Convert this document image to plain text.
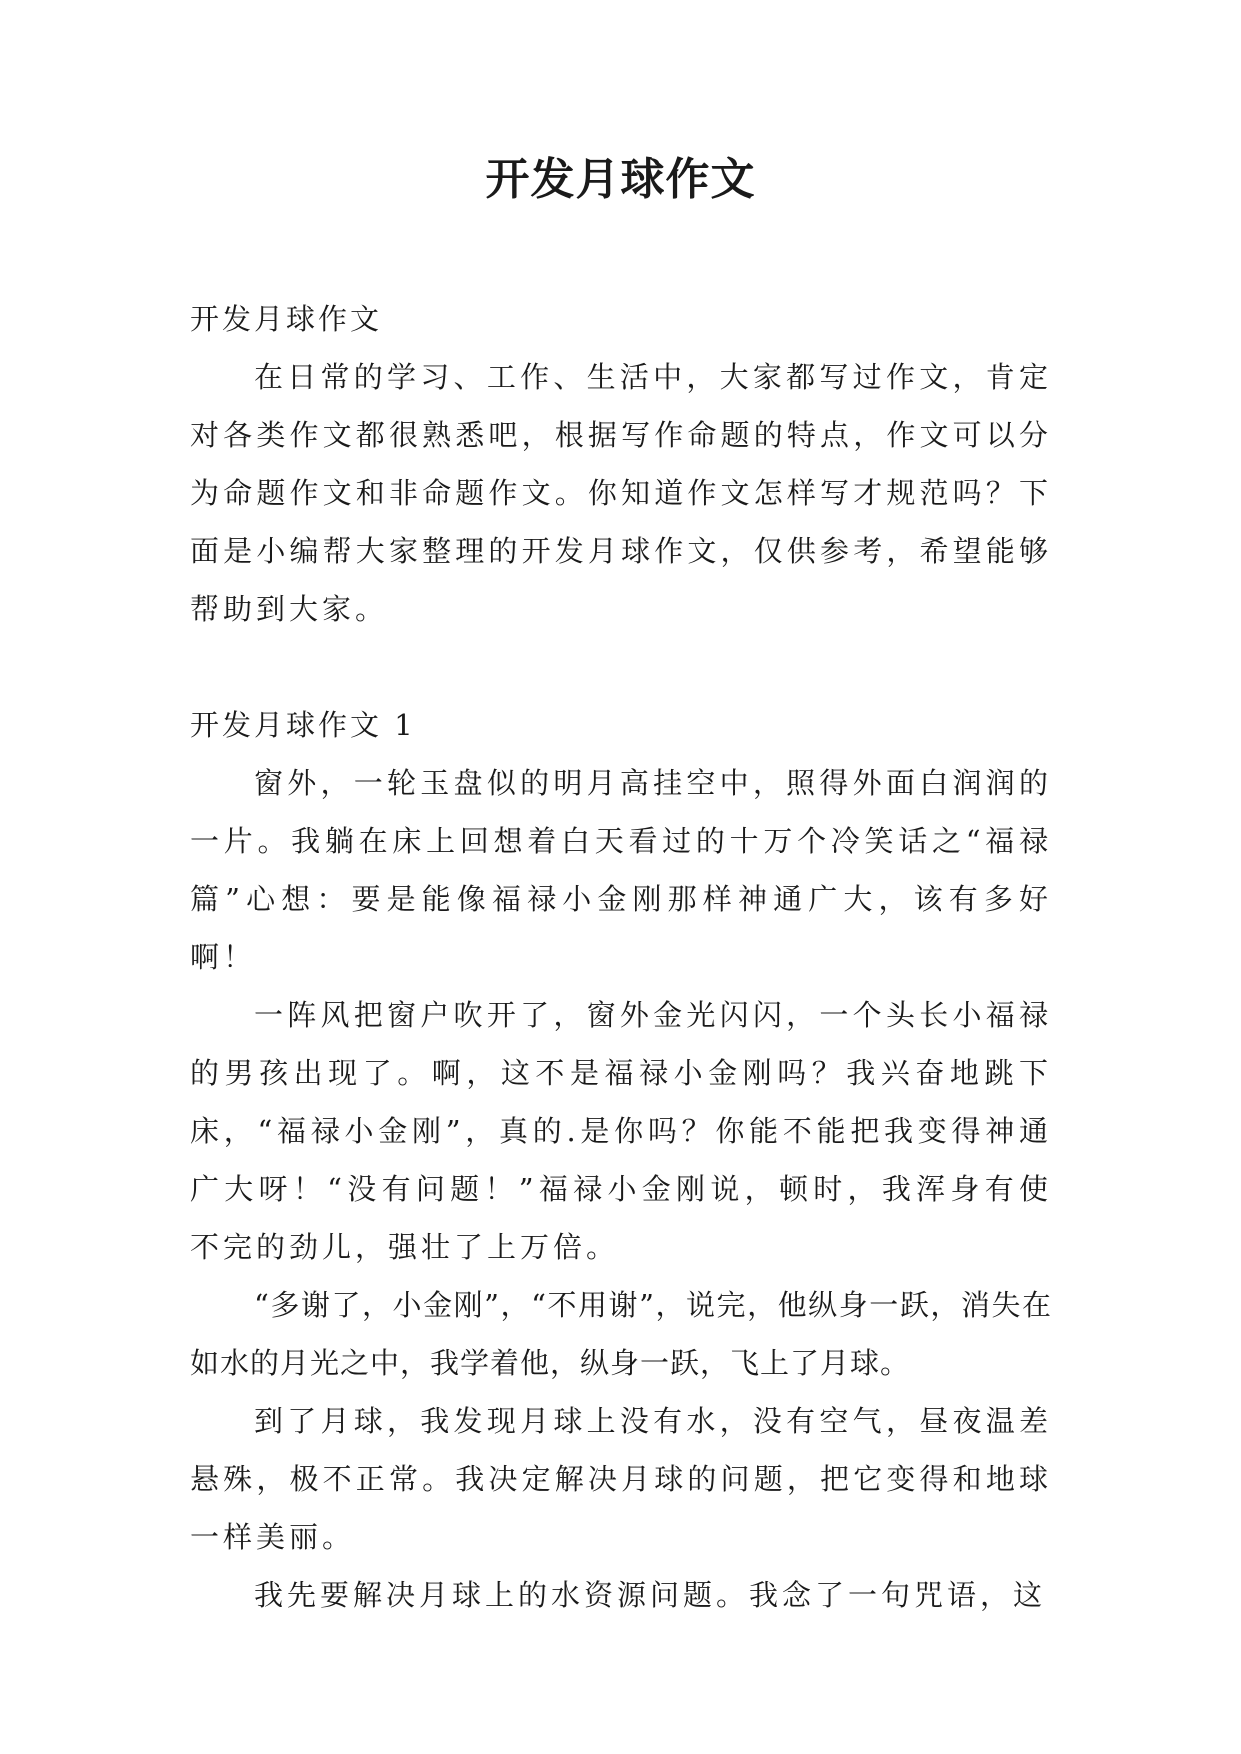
开发月球作文

开发月球作文

在日常的学习、工作、生活中，大家都写过作文，肯定对各类作文都很熟悉吧，根据写作命题的特点，作文可以分为命题作文和非命题作文。你知道作文怎样写才规范吗？下面是小编帮大家整理的开发月球作文，仅供参考，希望能够帮助到大家。

开发月球作文 1

窗外，一轮玉盘似的明月高挂空中，照得外面白润润的一片。我躺在床上回想着白天看过的十万个冷笑话之“福禄篇”心想：要是能像福禄小金刚那样神通广大，该有多好啊！

一阵风把窗户吹开了，窗外金光闪闪，一个头长小福禄的男孩出现了。啊，这不是福禄小金刚吗？我兴奋地跳下床，“福禄小金刚”，真的.是你吗？你能不能把我变得神通广大呀！“没有问题！”福禄小金刚说，顿时，我浑身有使不完的劲儿，强壮了上万倍。

“多谢了，小金刚”，“不用谢”，说完，他纵身一跃，消失在如水的月光之中，我学着他，纵身一跃，飞上了月球。

到了月球，我发现月球上没有水，没有空气，昼夜温差悬殊，极不正常。我决定解决月球的问题，把它变得和地球一样美丽。

我先要解决月球上的水资源问题。我念了一句咒语，这
